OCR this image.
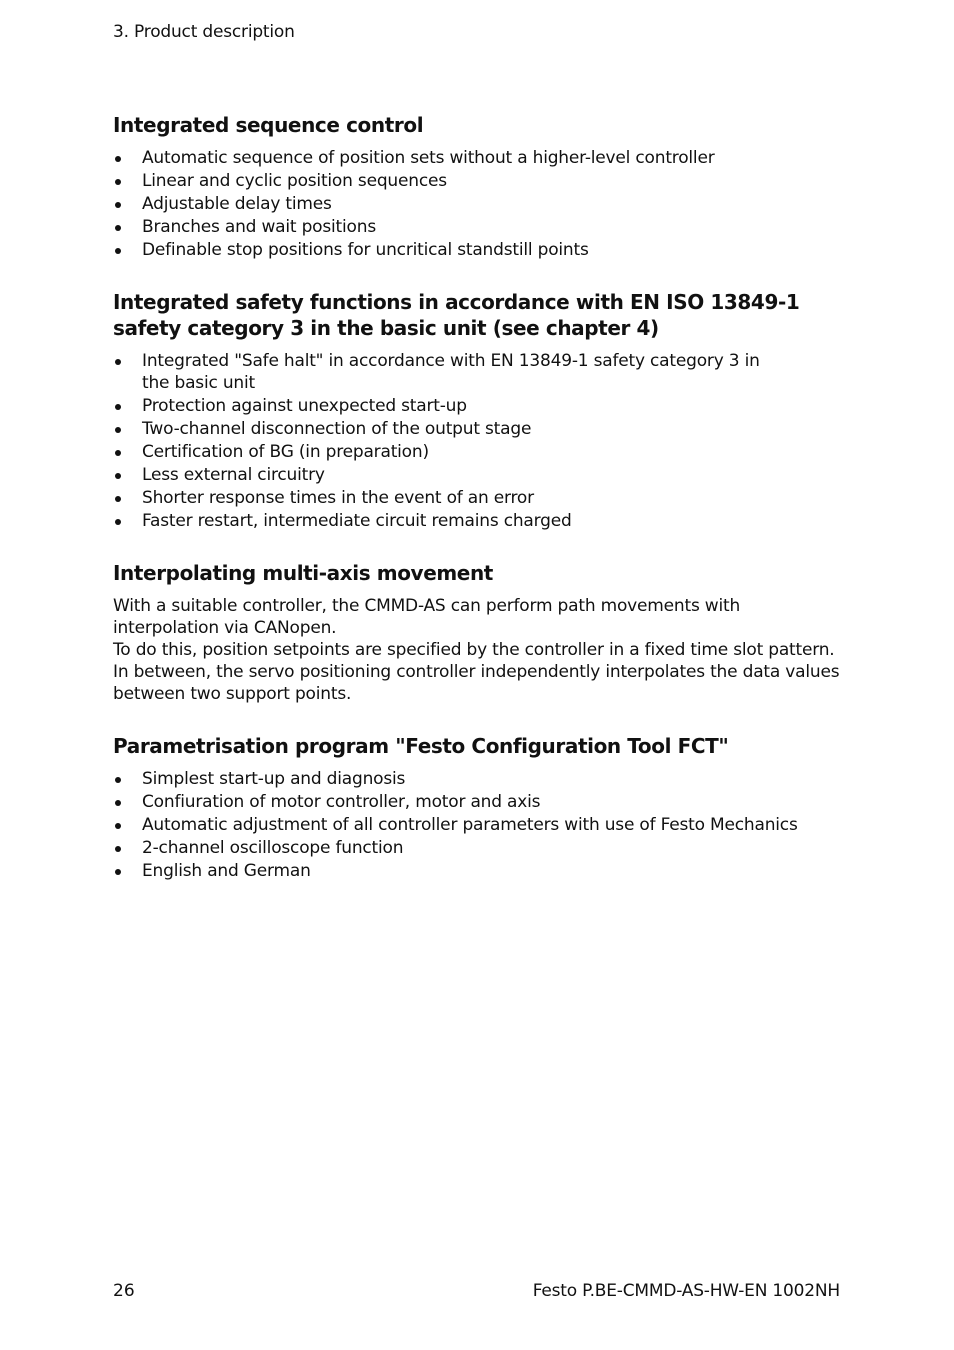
3. Product description
Integrated sequence control
Automatic sequence of position sets without a higher-level controller
Linear and cyclic position sequences
Adjustable delay times
Branches and wait positions
Definable stop positions for uncritical standstill points
Integrated safety functions in accordance with EN ISO 13849-1 safety category 3 in the basic unit (see chapter 4)
Integrated "Safe halt" in accordance with EN 13849-1 safety category 3 in the basic unit
Protection against unexpected start-up
Two-channel disconnection of the output stage
Certification of BG (in preparation)
Less external circuitry
Shorter response times in the event of an error
Faster restart, intermediate circuit remains charged
Interpolating multi-axis movement

With a suitable controller, the CMMD-AS can perform path movements with interpolation via CANopen.

To do this, position setpoints are specified by the controller in a fixed time slot pattern. In between, the servo positioning controller independently interpolates the data values between two support points.

Parametrisation program "Festo Configuration Tool FCT"
Simplest start-up and diagnosis
Confiuration of motor controller, motor and axis
Automatic adjustment of all controller parameters with use of Festo Mechanics
2-channel oscilloscope function
English and German
26	Festo P.BE-CMMD-AS-HW-EN 1002NH
